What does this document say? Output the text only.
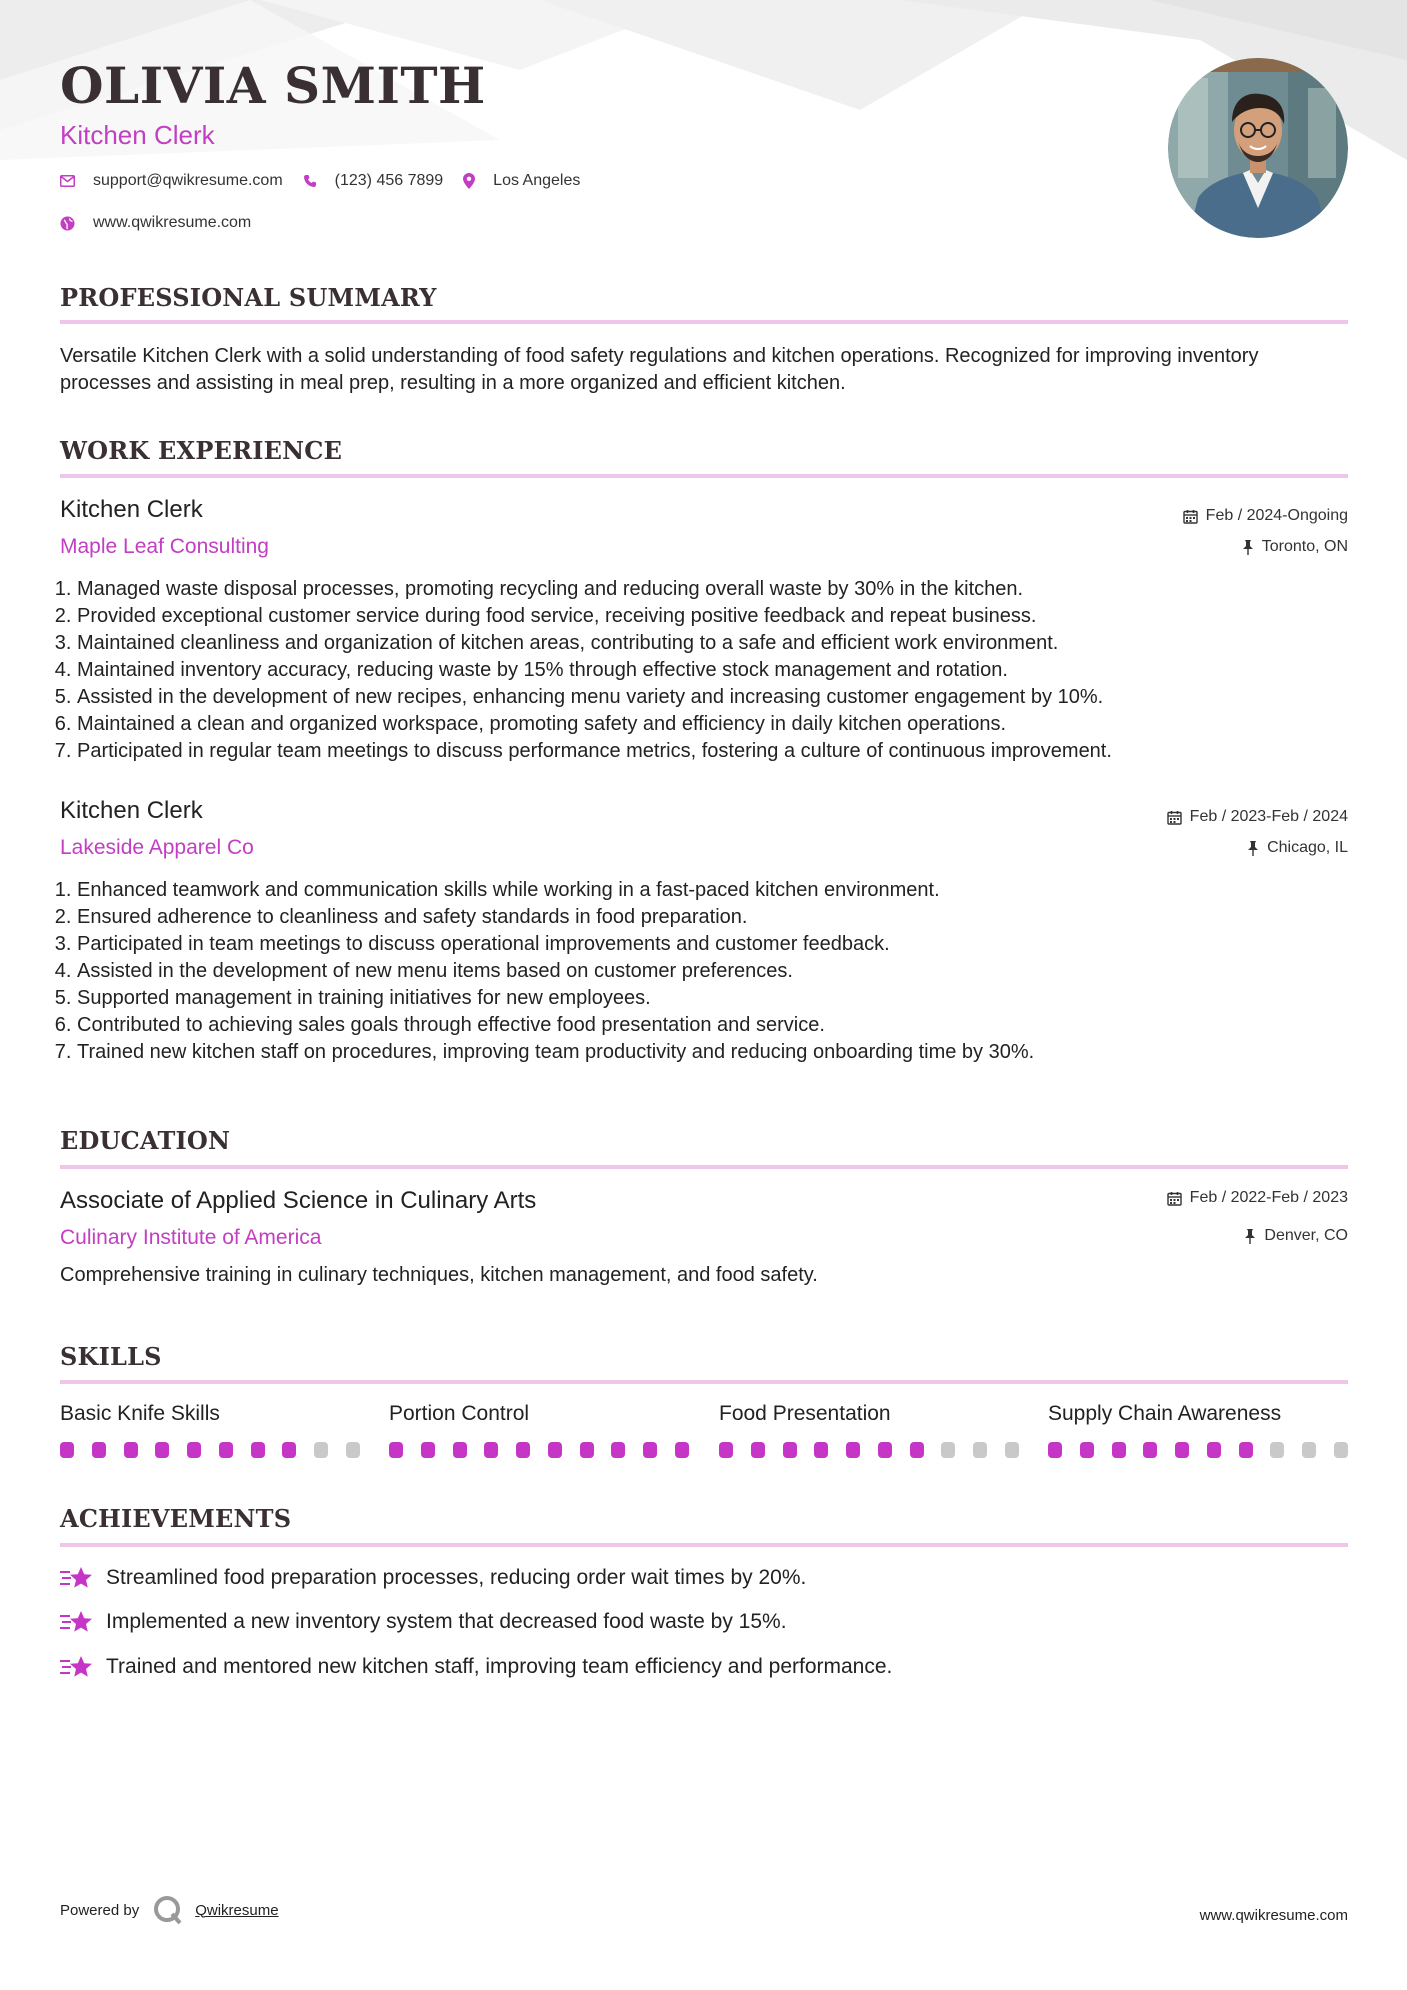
OLIVIA SMITH
Kitchen Clerk
support@qwikresume.com	(123) 456 7899	Los Angeles
www.qwikresume.com
PROFESSIONAL SUMMARY

Versatile Kitchen Clerk with a solid understanding of food safety regulations and kitchen operations. Recognized for improving inventory processes and assisting in meal prep, resulting in a more organized and efficient kitchen.

WORK EXPERIENCE
Kitchen Clerk
Maple Leaf Consulting
Feb / 2024-Ongoing
Toronto, ON
1. Managed waste disposal processes, promoting recycling and reducing overall waste by 30% in the kitchen.
2. Provided exceptional customer service during food service, receiving positive feedback and repeat business.
3. Maintained cleanliness and organization of kitchen areas, contributing to a safe and efficient work environment.
4. Maintained inventory accuracy, reducing waste by 15% through effective stock management and rotation.
5. Assisted in the development of new recipes, enhancing menu variety and increasing customer engagement by 10%.
6. Maintained a clean and organized workspace, promoting safety and efficiency in daily kitchen operations.
7. Participated in regular team meetings to discuss performance metrics, fostering a culture of continuous improvement.
Kitchen Clerk
Lakeside Apparel Co
Feb / 2023-Feb / 2024
Chicago, IL
1. Enhanced teamwork and communication skills while working in a fast-paced kitchen environment.
2. Ensured adherence to cleanliness and safety standards in food preparation.
3. Participated in team meetings to discuss operational improvements and customer feedback.
4. Assisted in the development of new menu items based on customer preferences.
5. Supported management in training initiatives for new employees.
6. Contributed to achieving sales goals through effective food presentation and service.
7. Trained new kitchen staff on procedures, improving team productivity and reducing onboarding time by 30%.
EDUCATION
Associate of Applied Science in Culinary Arts
Culinary Institute of America
Feb / 2022-Feb / 2023
Denver, CO

Comprehensive training in culinary techniques, kitchen management, and food safety.

SKILLS
Basic Knife Skills	Portion Control	Food Presentation	Supply Chain Awareness
ACHIEVEMENTS
Streamlined food preparation processes, reducing order wait times by 20%.
Implemented a new inventory system that decreased food waste by 15%.
Trained and mentored new kitchen staff, improving team efficiency and performance.
Powered by	Qwikresume	www.qwikresume.com
